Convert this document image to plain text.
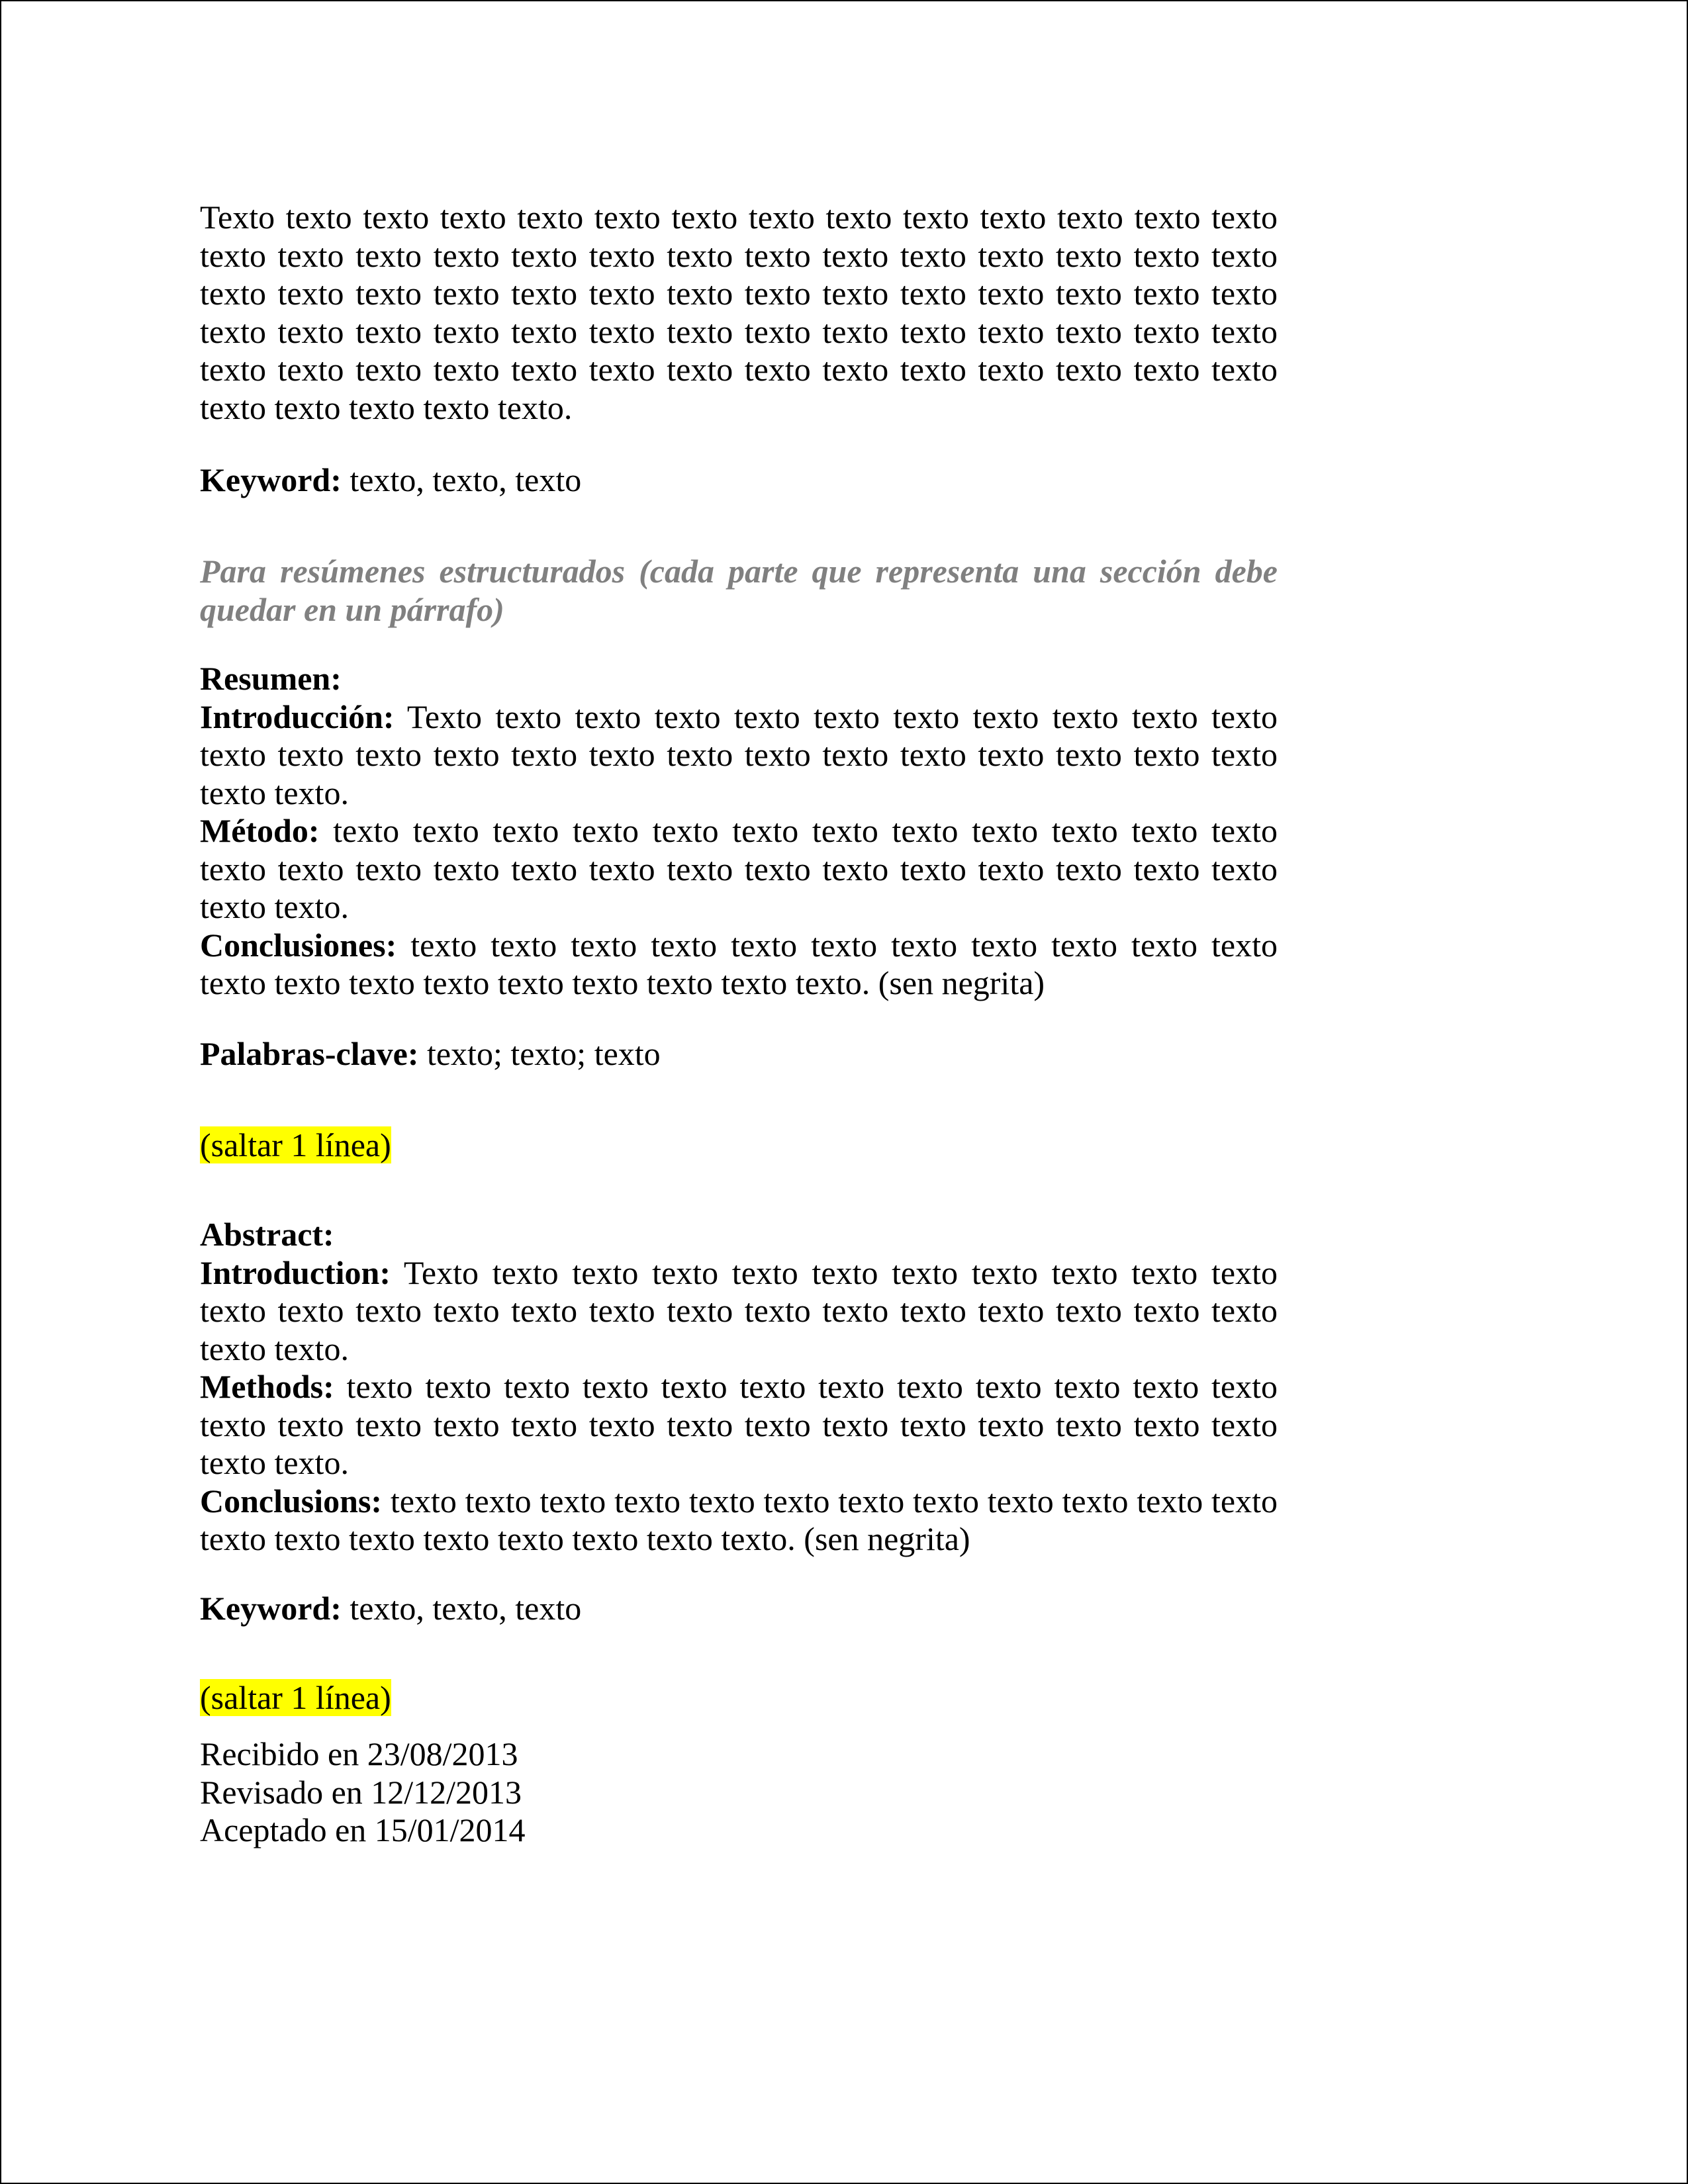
Texto texto texto texto texto texto texto texto texto texto texto texto texto texto texto texto texto texto texto texto texto texto texto texto texto texto texto texto texto texto texto texto texto texto texto texto texto texto texto texto texto texto texto texto texto texto texto texto texto texto texto texto texto texto texto texto texto texto texto texto texto texto texto texto texto texto texto texto texto texto texto texto texto texto texto.

Keyword: texto, texto, texto

Para resúmenes estructurados (cada parte que representa una sección debe quedar en un párrafo)

Resumen:

Introducción: Texto texto texto texto texto texto texto texto texto texto texto texto texto texto texto texto texto texto texto texto texto texto texto texto texto texto texto.

Método: texto texto texto texto texto texto texto texto texto texto texto texto texto texto texto texto texto texto texto texto texto texto texto texto texto texto texto texto.

Conclusiones: texto texto texto texto texto texto texto texto texto texto texto texto texto texto texto texto texto texto texto texto. (sen negrita)

Palabras-clave: texto; texto; texto

(saltar 1 línea)

Abstract:

Introduction: Texto texto texto texto texto texto texto texto texto texto texto texto texto texto texto texto texto texto texto texto texto texto texto texto texto texto texto.

Methods: texto texto texto texto texto texto texto texto texto texto texto texto texto texto texto texto texto texto texto texto texto texto texto texto texto texto texto texto.

Conclusions: texto texto texto texto texto texto texto texto texto texto texto texto texto texto texto texto texto texto texto texto. (sen negrita)

Keyword: texto, texto, texto

(saltar 1 línea)

Recibido en 23/08/2013

Revisado en 12/12/2013

Aceptado en 15/01/2014
